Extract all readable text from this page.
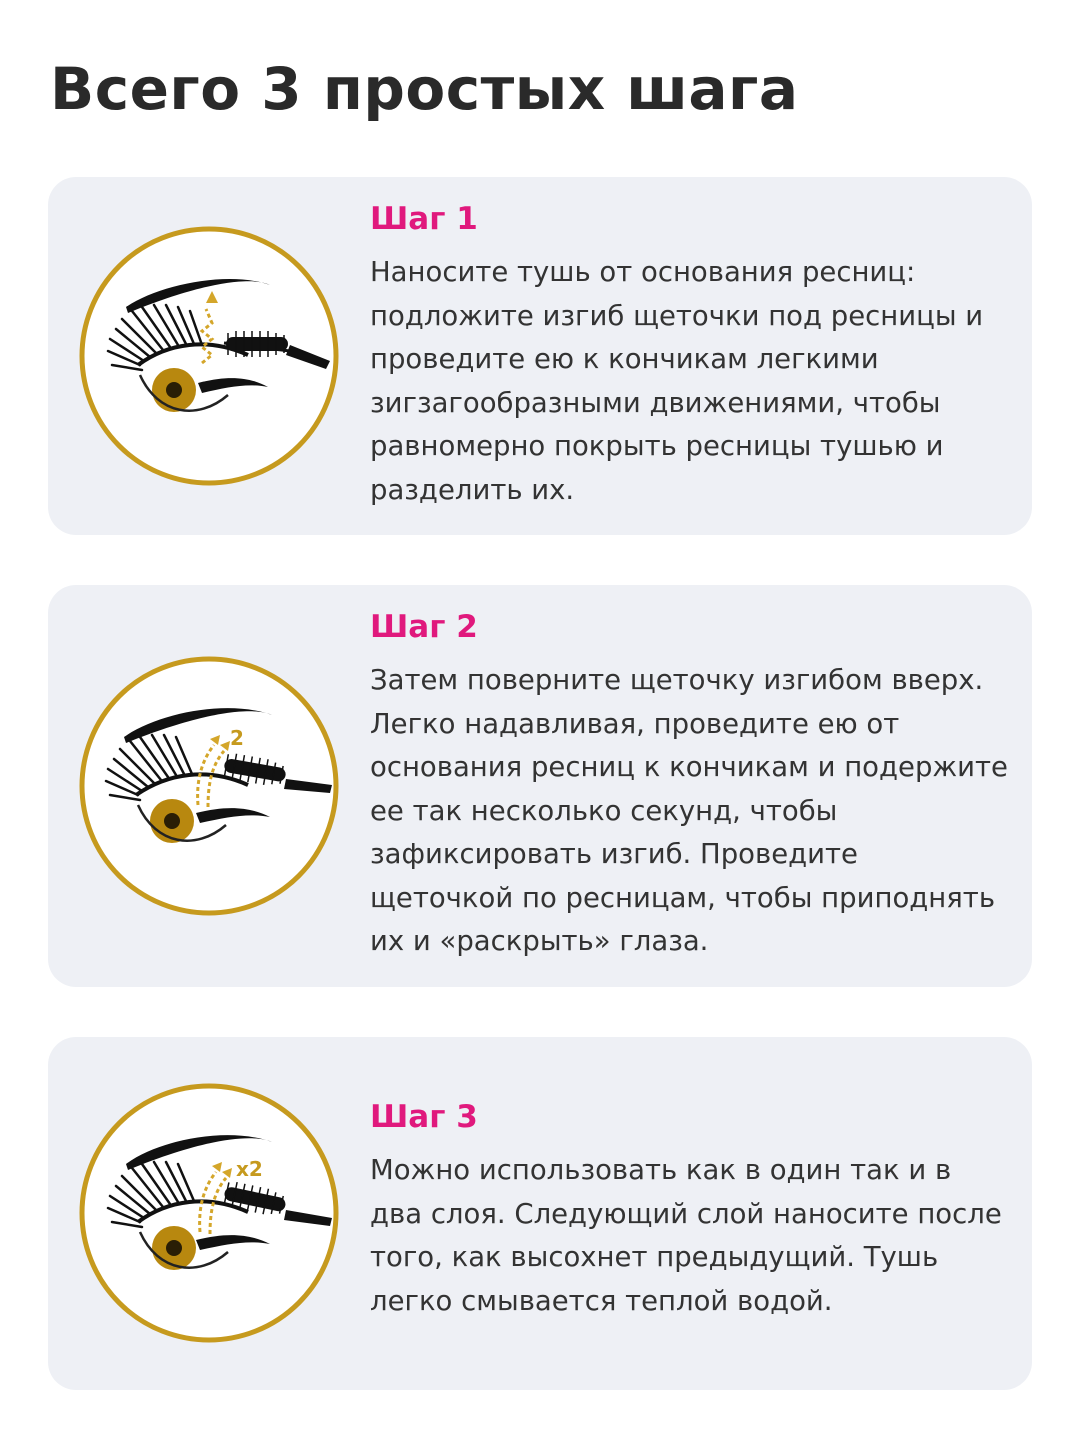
Всего 3 простых шага
Шаг 1

Наносите тушь от основания ресниц: подложите изгиб щеточки под ресницы и проведите ею к кончикам легкими зигзагообразными движениями, чтобы равномерно покрыть ресницы тушью и разделить их.

2
Шаг 2

Затем поверните щеточку изгибом вверх. Легко надавливая, проведите ею от основания ресниц к кончикам и подержите ее так несколько секунд, чтобы зафиксировать изгиб. Проведите щеточкой по ресницам, чтобы приподнять их и «раскрыть» глаза.

x2
Шаг 3

Можно использовать как в один так и в два слоя. Следующий слой наносите после того, как высохнет предыдущий. Тушь легко смывается теплой водой.
